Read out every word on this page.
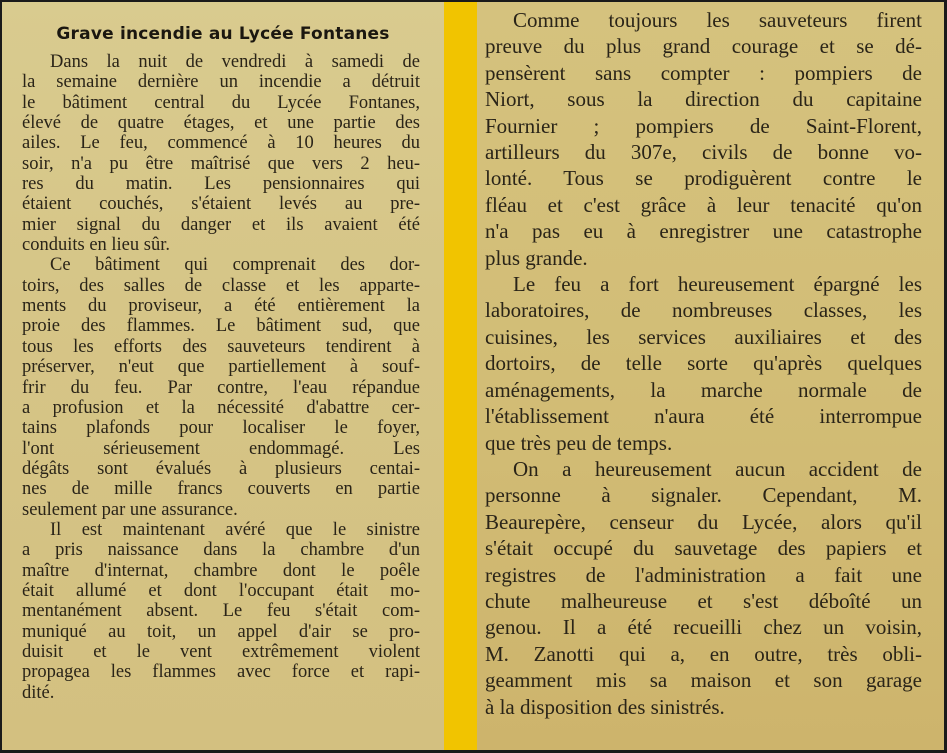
Grave incendie au Lycée Fontanes
Dans la nuit de vendredi à samedi de
la semaine dernière un incendie a détruit
le bâtiment central du Lycée Fontanes,
élevé de quatre étages, et une partie des
ailes. Le feu, commencé à 10 heures du
soir, n'a pu être maîtrisé que vers 2 heu-
res du matin. Les pensionnaires qui
étaient couchés, s'étaient levés au pre-
mier signal du danger et ils avaient été
conduits en lieu sûr.
Ce bâtiment qui comprenait des dor-
toirs, des salles de classe et les apparte-
ments du proviseur, a été entièrement la
proie des flammes. Le bâtiment sud, que
tous les efforts des sauveteurs tendirent à
préserver, n'eut que partiellement à souf-
frir du feu. Par contre, l'eau répandue
a profusion et la nécessité d'abattre cer-
tains plafonds pour localiser le foyer,
l'ont sérieusement endommagé. Les
dégâts sont évalués à plusieurs centai-
nes de mille francs couverts en partie
seulement par une assurance.
Il est maintenant avéré que le sinistre
a pris naissance dans la chambre d'un
maître d'internat, chambre dont le poêle
était allumé et dont l'occupant était mo-
mentanément absent. Le feu s'était com-
muniqué au toit, un appel d'air se pro-
duisit et le vent extrêmement violent
propagea les flammes avec force et rapi-
dité.
Comme toujours les sauveteurs firent
preuve du plus grand courage et se dé-
pensèrent sans compter : pompiers de
Niort, sous la direction du capitaine
Fournier ; pompiers de Saint-Florent,
artilleurs du 307e, civils de bonne vo-
lonté. Tous se prodiguèrent contre le
fléau et c'est grâce à leur tenacité qu'on
n'a pas eu à enregistrer une catastrophe
plus grande.
Le feu a fort heureusement épargné les
laboratoires, de nombreuses classes, les
cuisines, les services auxiliaires et des
dortoirs, de telle sorte qu'après quelques
aménagements, la marche normale de
l'établissement n'aura été interrompue
que très peu de temps.
On a heureusement aucun accident de
personne à signaler. Cependant, M.
Beaurepère, censeur du Lycée, alors qu'il
s'était occupé du sauvetage des papiers et
registres de l'administration a fait une
chute malheureuse et s'est déboîté un
genou. Il a été recueilli chez un voisin,
M. Zanotti qui a, en outre, très obli-
geamment mis sa maison et son garage
à la disposition des sinistrés.
